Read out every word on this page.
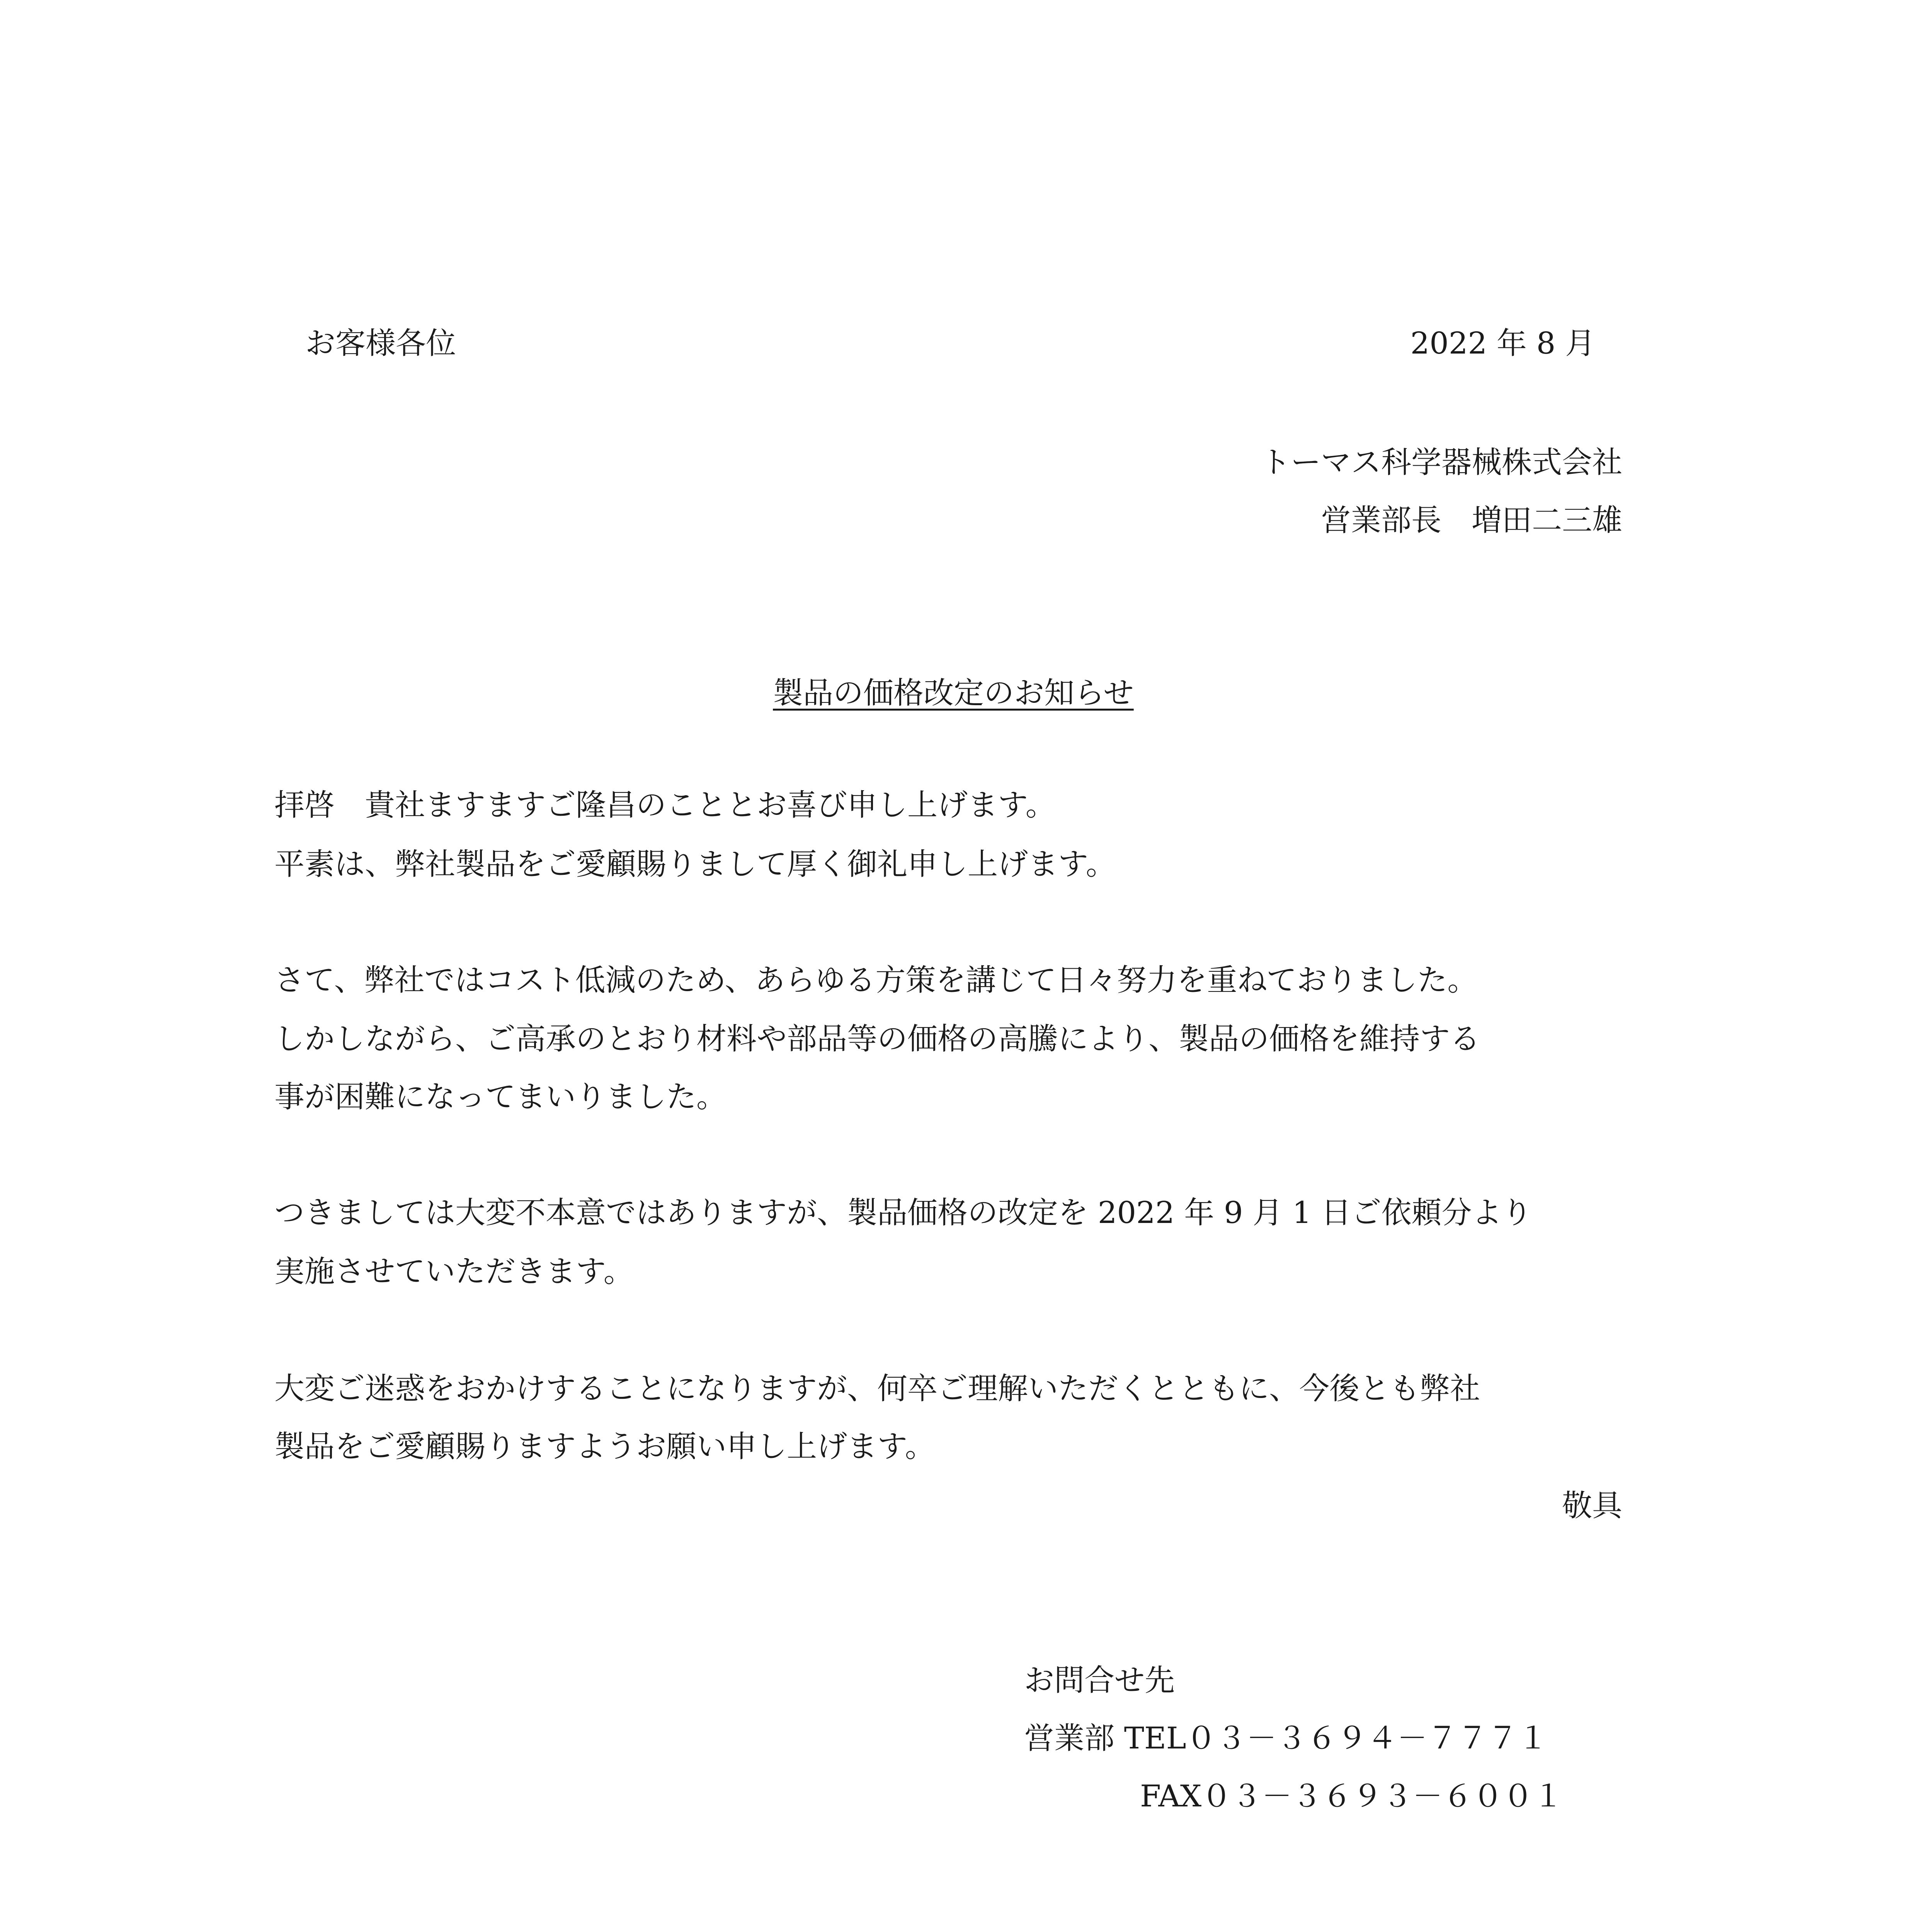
お客様各位	2022 年 8 月
トーマス科学器械株式会社
営業部長　増田二三雄
製品の価格改定のお知らせ
拝啓　貴社ますますご隆昌のこととお喜び申し上げます。
平素は、弊社製品をご愛顧賜りまして厚く御礼申し上げます。
さて、弊社ではコスト低減のため、あらゆる方策を講じて日々努力を重ねておりました。
しかしながら、ご高承のとおり材料や部品等の価格の高騰により、製品の価格を維持する
事が困難になってまいりました。
つきましては大変不本意ではありますが、製品価格の改定を 2022 年 9 月 1 日ご依頼分より
実施させていただきます。
大変ご迷惑をおかけすることになりますが、何卒ご理解いただくとともに、今後とも弊社
製品をご愛顧賜りますようお願い申し上げます。
敬具
お問合せ先
営業部 TEL０３－３６９４－７７７１
FAX０３－３６９３－６００１
